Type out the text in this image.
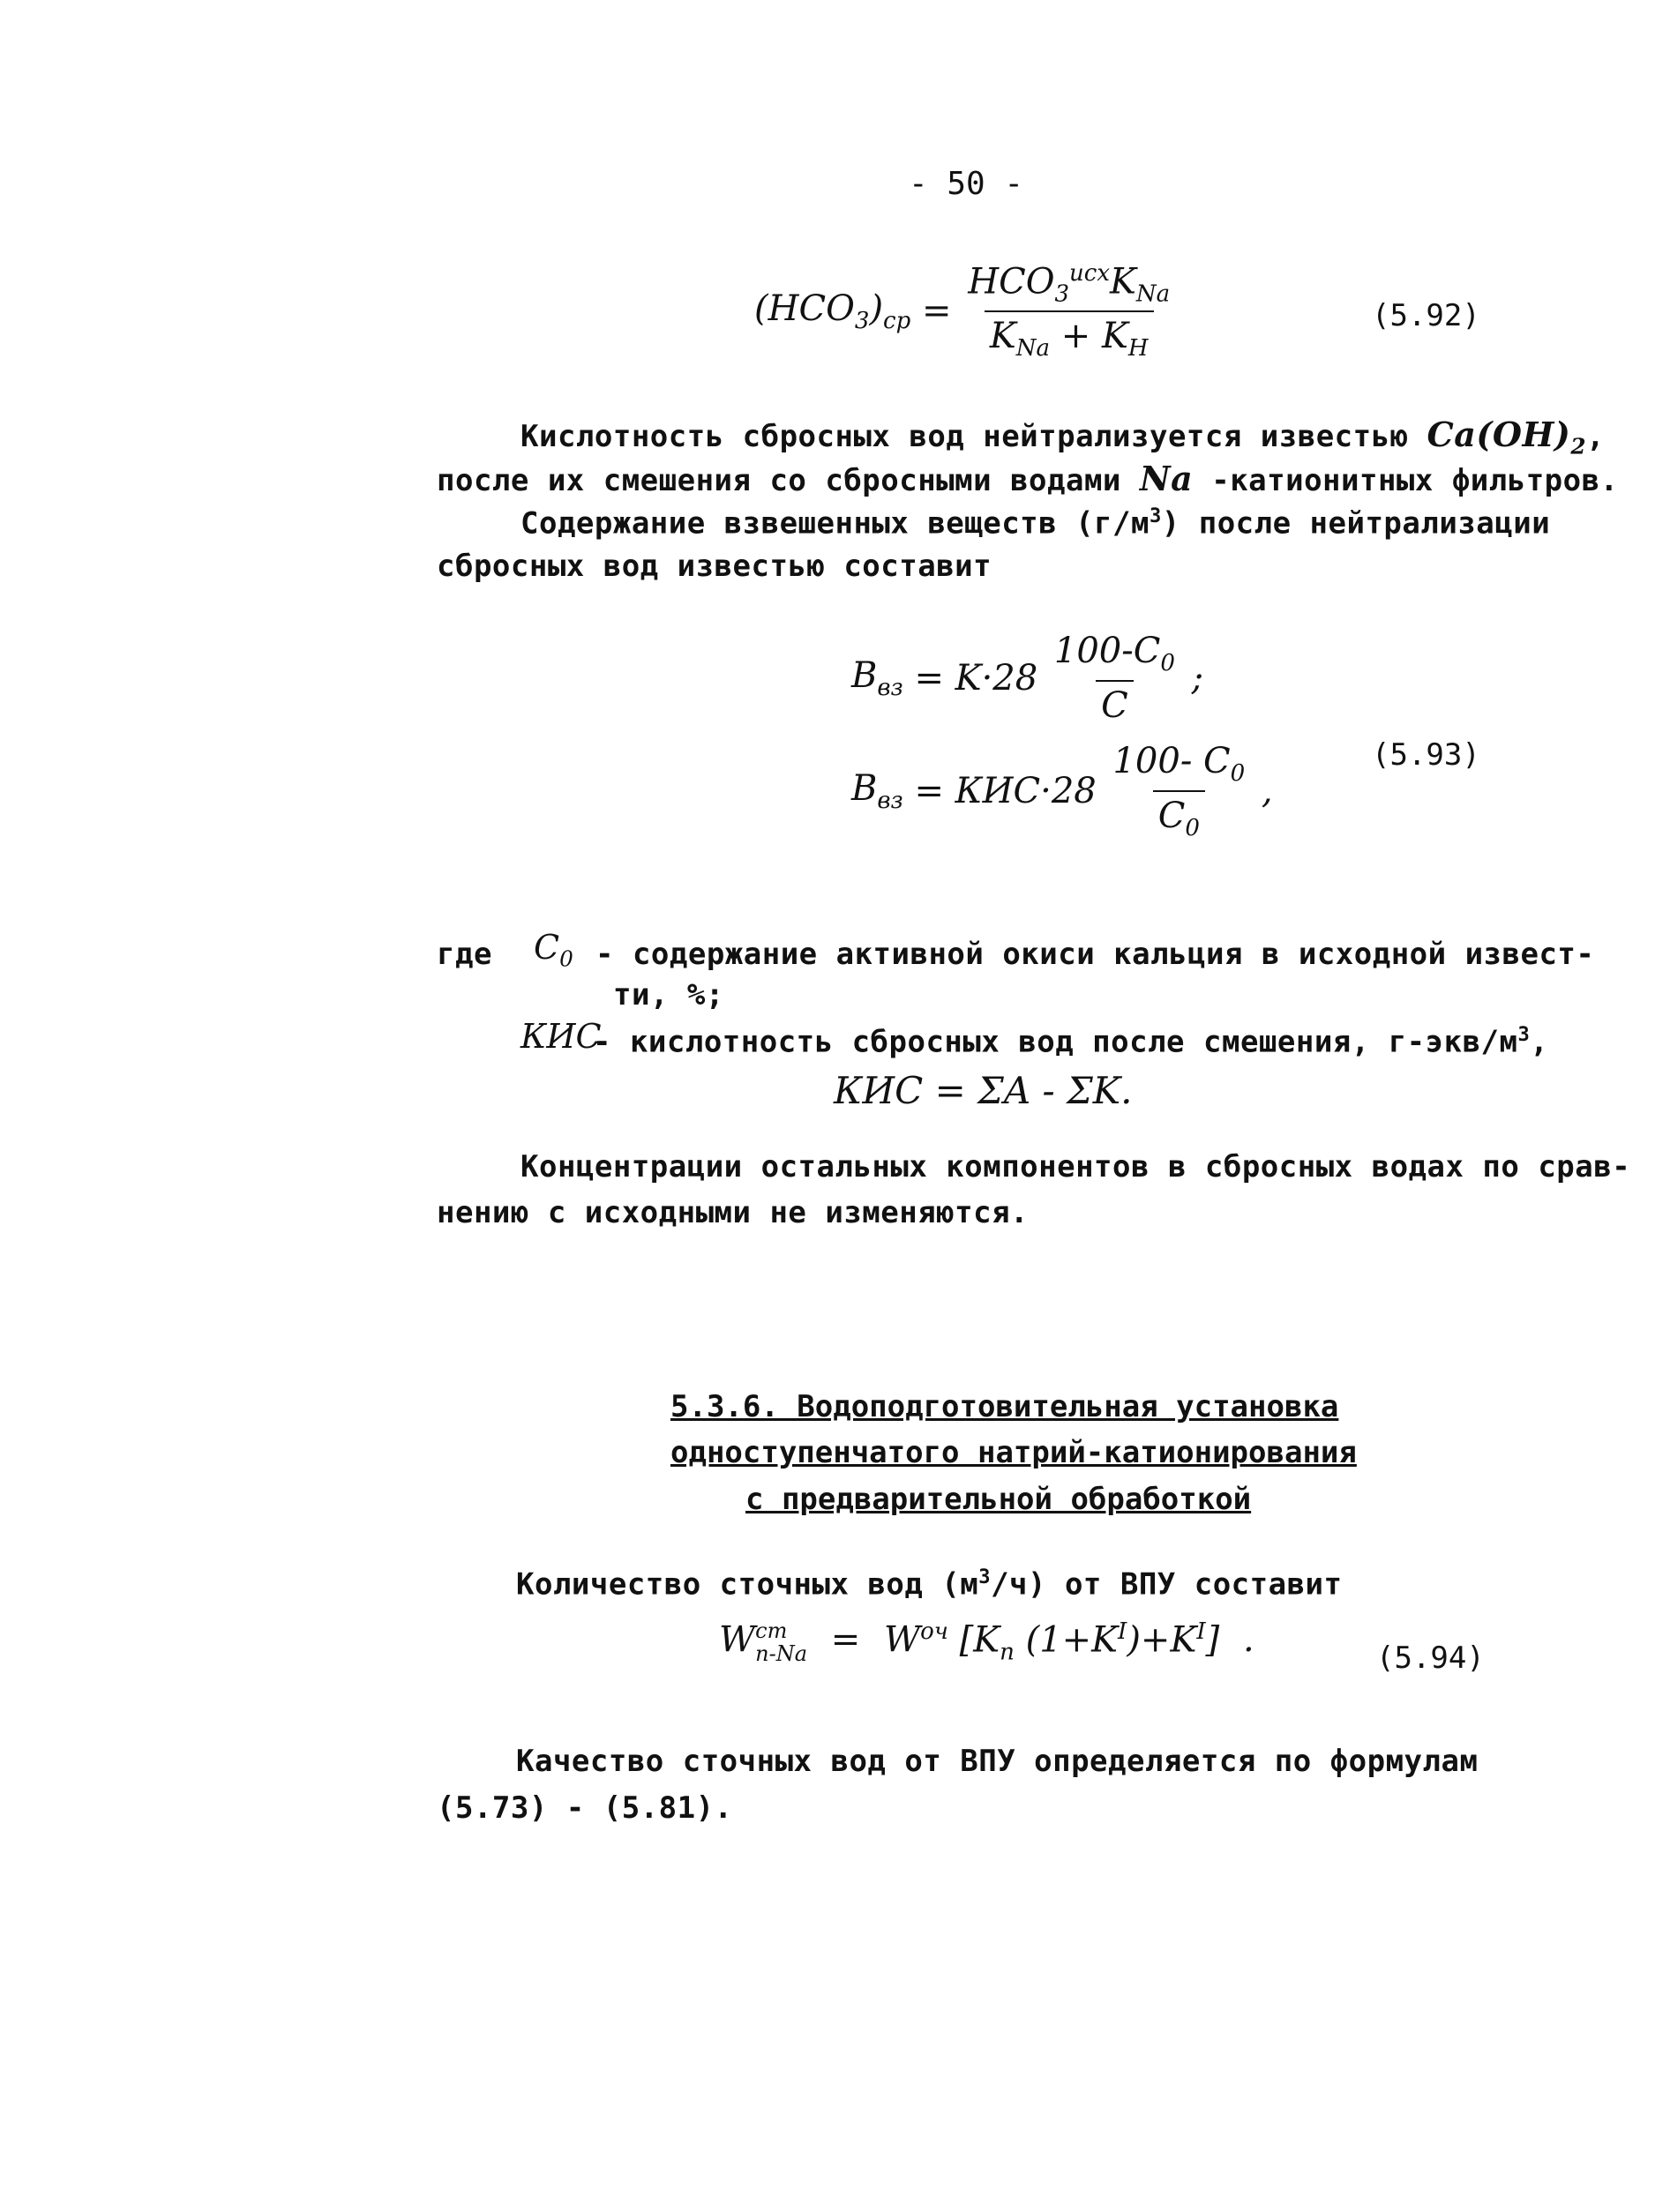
- 50 -
$(HCO_3)_{cp} = \frac{HCO_3^{исх}K_{Na}}{K_{Na} + K_H}$	(5.92)
Кислотность сбросных вод нейтрализуется известью $Ca(OH)_2$,
после их смешения со сбросными водами Na -катионитных фильтров.
Содержание взвешенных веществ $(г/м^3)$ после нейтрализации
сбросных вод известью составит
$B_{вз} = K\cdot 28 \frac{100-C_0}{C}$ ;
(5.93)
$B_{вз} = КИС\cdot 28 \frac{100- C_0}{C_0}$ ,
где $C_0$ - содержание активной окиси кальция в исходной извест-
ти, %;
КИС
- кислотность сбросных вод после смешения, $г-экв/м^3$,
КИС = ΣA - ΣK.
Концентрации остальных компонентов в сбросных водах по срав-
нению с исходными не изменяются.
5.3.6. Водоподготовительная установка
одноступенчатого натрий-катионирования
с предварительной обработкой
Количество сточных вод $(м^3/ч)$ от ВПУ составит
W ст
$п-Na = W^{оч}$ [$K_п$ $(1+K^I)+K^I$] .	(5.94)
Качество сточных вод от ВПУ определяется по формулам
(5.73) - (5.81).
